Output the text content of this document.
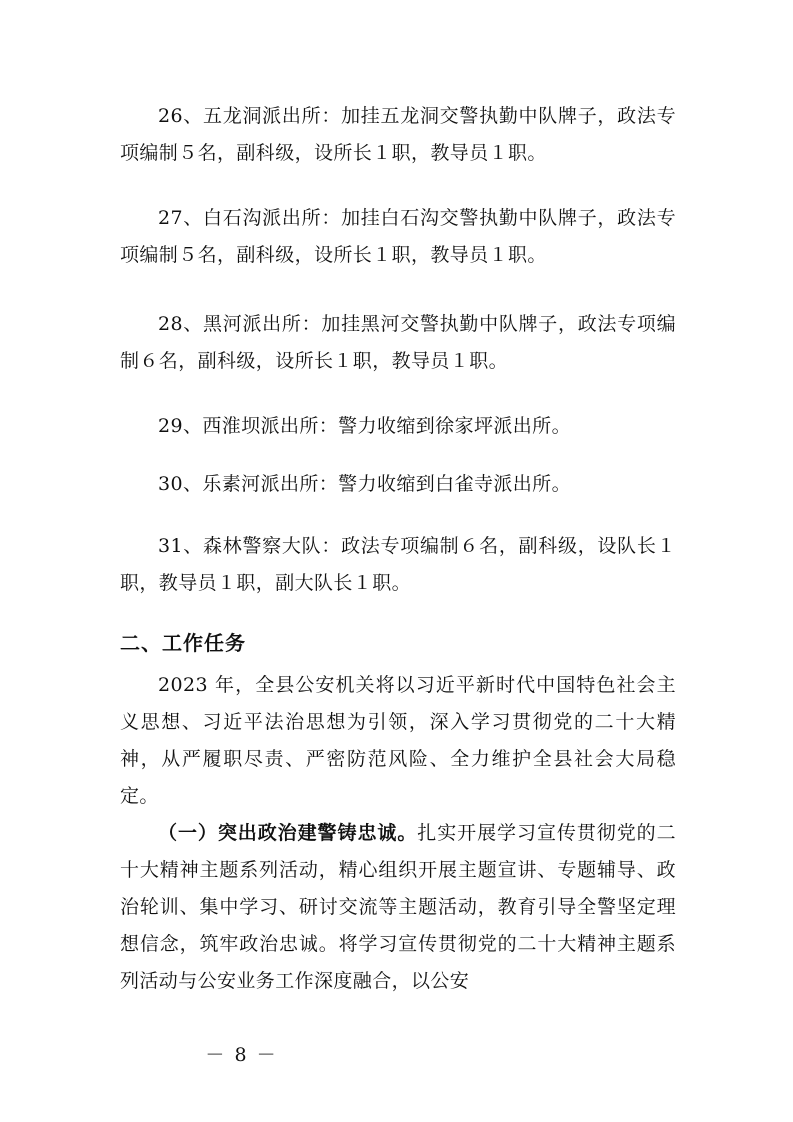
26、五龙洞派出所：加挂五龙洞交警执勤中队牌子，政法专项编制５名，副科级，设所长１职，教导员１职。

27、白石沟派出所：加挂白石沟交警执勤中队牌子，政法专项编制５名，副科级，设所长１职，教导员１职。

28、黑河派出所：加挂黑河交警执勤中队牌子，政法专项编制６名，副科级，设所长１职，教导员１职。

29、西淮坝派出所：警力收缩到徐家坪派出所。

30、乐素河派出所：警力收缩到白雀寺派出所。

31、森林警察大队：政法专项编制６名，副科级，设队长１职，教导员１职，副大队长１职。

二、工作任务

2023 年，全县公安机关将以习近平新时代中国特色社会主义思想、习近平法治思想为引领，深入学习贯彻党的二十大精神，从严履职尽责、严密防范风险、全力维护全县社会大局稳定。

（一）突出政治建警铸忠诚。扎实开展学习宣传贯彻党的二十大精神主题系列活动，精心组织开展主题宣讲、专题辅导、政治轮训、集中学习、研讨交流等主题活动，教育引导全警坚定理想信念，筑牢政治忠诚。将学习宣传贯彻党的二十大精神主题系列活动与公安业务工作深度融合，以公安

－ 8 －
